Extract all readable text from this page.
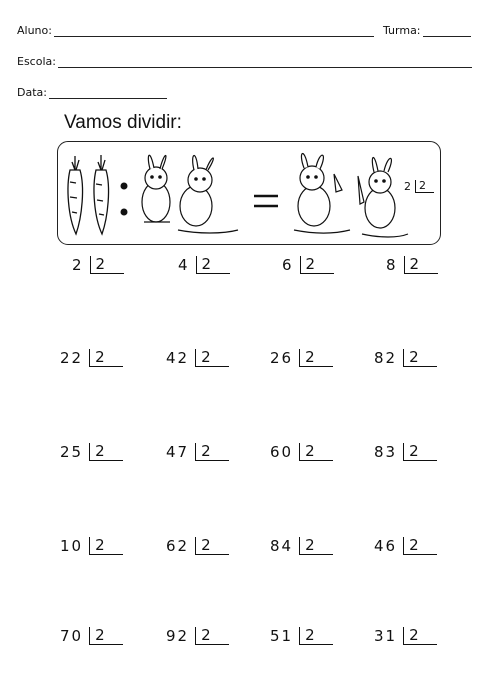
Aluno:	Turma:
Escola:
Data:
Vamos dividir:
2 2
2 2	4 2	6 2	8 2
22 2	42 2	26 2	82 2
25 2	47 2	60 2	83 2
10 2	62 2	84 2	46 2
70 2	92 2	51 2	31 2
